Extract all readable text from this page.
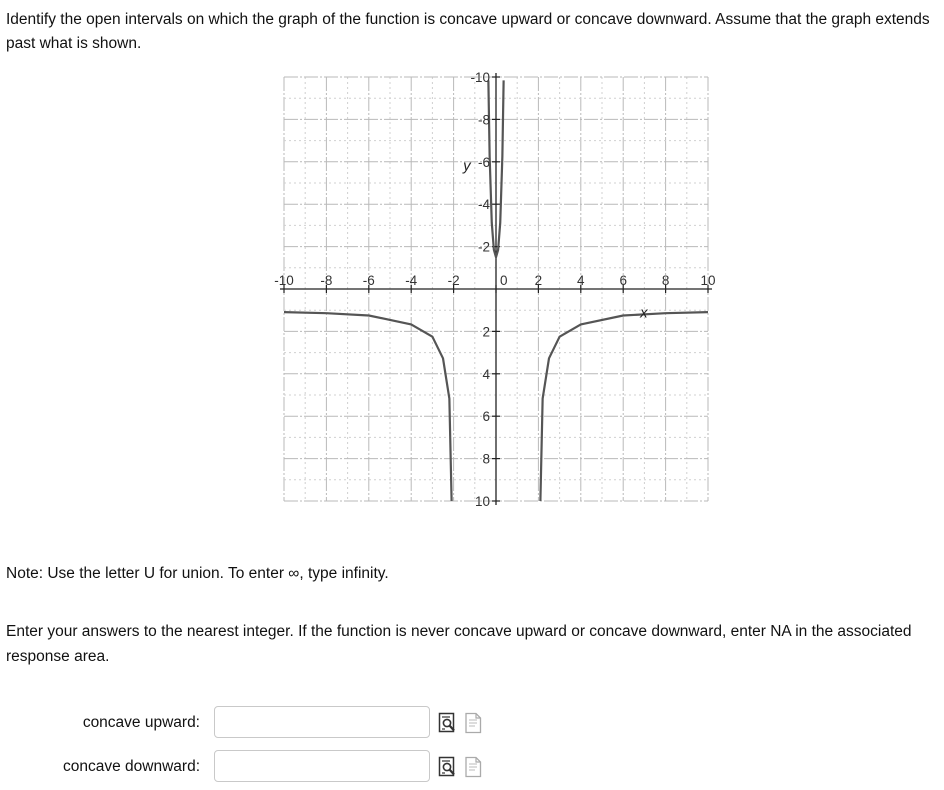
Identify the open intervals on which the graph of the function is concave upward or concave downward. Assume that the graph extends past what is shown.

-10 -8 -6 -4 -2	0 2	4	6	8 10
10
8
6
4
2
-2
-4
-6
-8
-10
x
y
Note: Use the letter U for union. To enter ∞, type infinity.
Enter your answers to the nearest integer. If the function is never concave upward or concave downward, enter NA in the associated response area.
concave upward:
concave downward:
